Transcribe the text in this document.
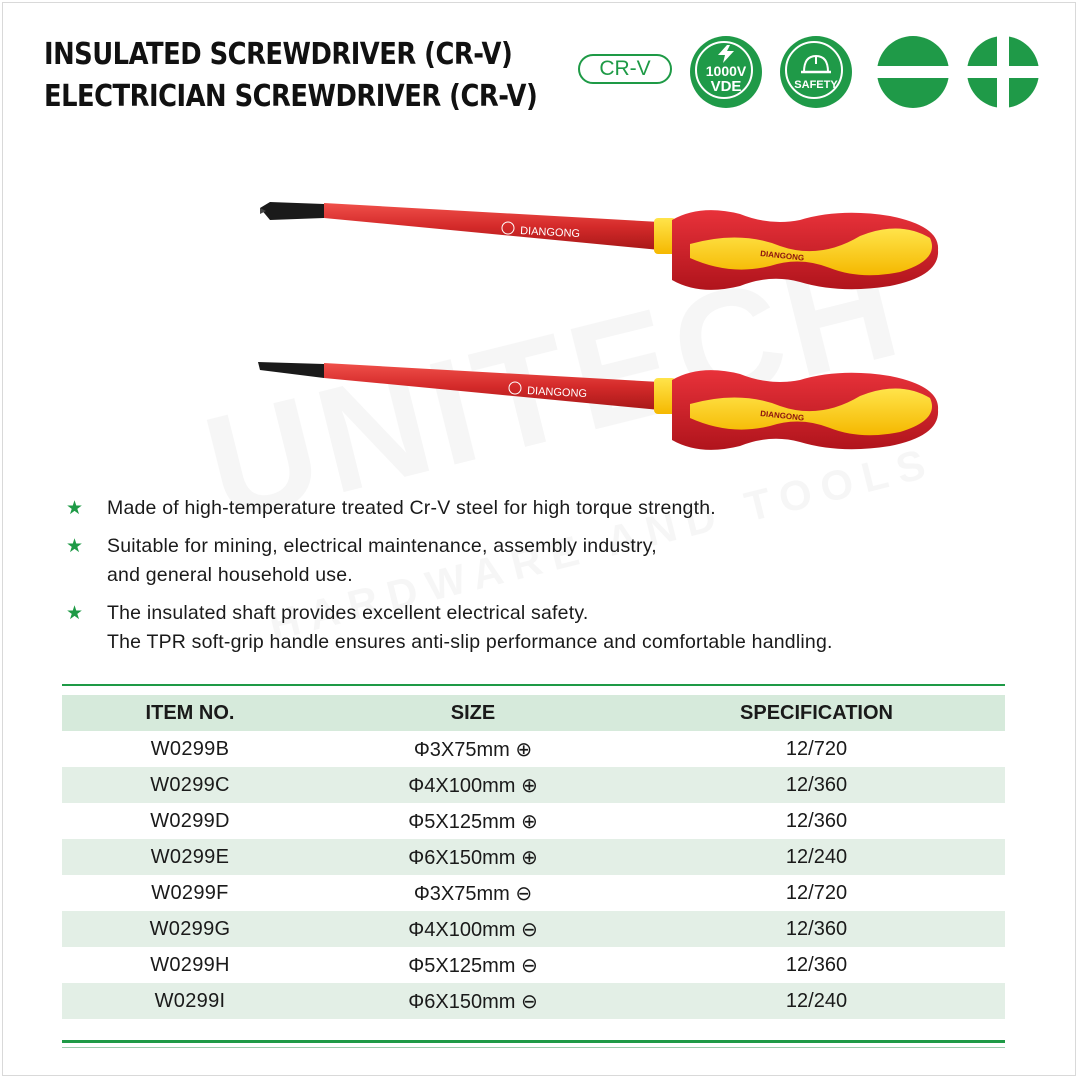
INSULATED SCREWDRIVER (CR-V)
ELECTRICIAN SCREWDRIVER (CR-V)
CR-V	1000V
VDE	SAFETY
DIANGONG
DIANGONG
DIANGONG
DIANGONG
★ Made of high-temperature treated Cr-V steel for high torque strength.
★ Suitable for mining, electrical maintenance, assembly industry,
and general household use.
★ The insulated shaft provides excellent electrical safety.
The TPR soft-grip handle ensures anti-slip performance and comfortable handling.
ITEM NO.	SIZE	SPECIFICATION
W0299B	Φ3X75mm ⊕	12/720
W0299C	Φ4X100mm ⊕	12/360
W0299D	Φ5X125mm ⊕	12/360
W0299E	Φ6X150mm ⊕	12/240
W0299F	Φ3X75mm ⊖	12/720
W0299G	Φ4X100mm ⊖	12/360
W0299H	Φ5X125mm ⊖	12/360
W0299I	Φ6X150mm ⊖	12/240
